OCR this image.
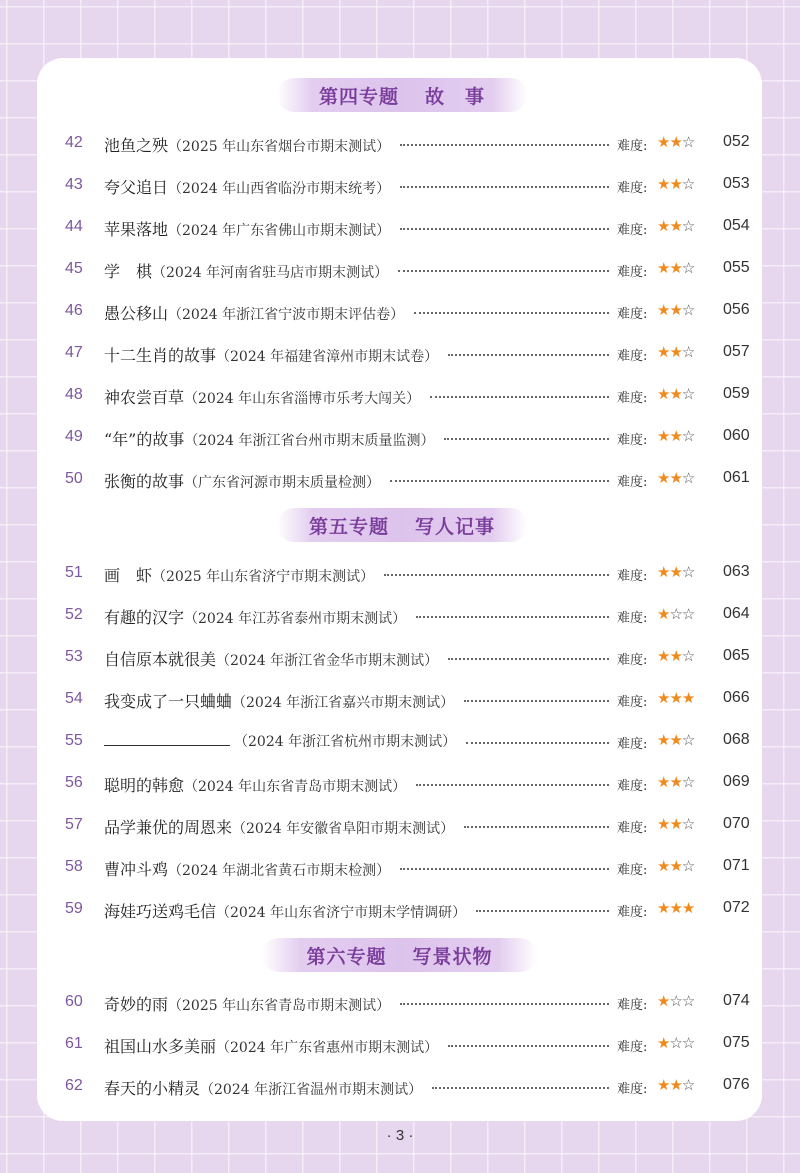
第四专题 故　事
42 池鱼之殃（2025 年山东省烟台市期末测试）	难度: ★★☆ 052
43 夸父追日（2024 年山西省临汾市期末统考）	难度: ★★☆ 053
44 苹果落地（2024 年广东省佛山市期末测试）	难度: ★★☆ 054
45 学　棋（2024 年河南省驻马店市期末测试）	难度: ★★☆ 055
46 愚公移山（2024 年浙江省宁波市期末评估卷）	难度: ★★☆ 056
47 十二生肖的故事（2024 年福建省漳州市期末试卷）	难度: ★★☆ 057
48 神农尝百草（2024 年山东省淄博市乐考大闯关）	难度: ★★☆ 059
49 “年”的故事（2024 年浙江省台州市期末质量监测）	难度: ★★☆ 060
50 张衡的故事（广东省河源市期末质量检测）	难度: ★★☆ 061
第五专题 写人记事
51 画　虾（2025 年山东省济宁市期末测试）	难度: ★★☆ 063
52 有趣的汉字（2024 年江苏省泰州市期末测试）	难度: ★☆☆ 064
53 自信原本就很美（2024 年浙江省金华市期末测试）	难度: ★★☆ 065
54 我变成了一只蛐蛐（2024 年浙江省嘉兴市期末测试）	难度: ★★★ 066
55	（2024 年浙江省杭州市期末测试）	难度: ★★☆ 068
56 聪明的韩愈（2024 年山东省青岛市期末测试）	难度: ★★☆ 069
57 品学兼优的周恩来（2024 年安徽省阜阳市期末测试）	难度: ★★☆ 070
58 曹冲斗鸡（2024 年湖北省黄石市期末检测）	难度: ★★☆ 071
59 海娃巧送鸡毛信（2024 年山东省济宁市期末学情调研）	难度: ★★★ 072
第六专题 写景状物
60 奇妙的雨（2025 年山东省青岛市期末测试）	难度: ★☆☆ 074
61 祖国山水多美丽（2024 年广东省惠州市期末测试）	难度: ★☆☆ 075
62 春天的小精灵（2024 年浙江省温州市期末测试）	难度: ★★☆ 076
· 3 ·
